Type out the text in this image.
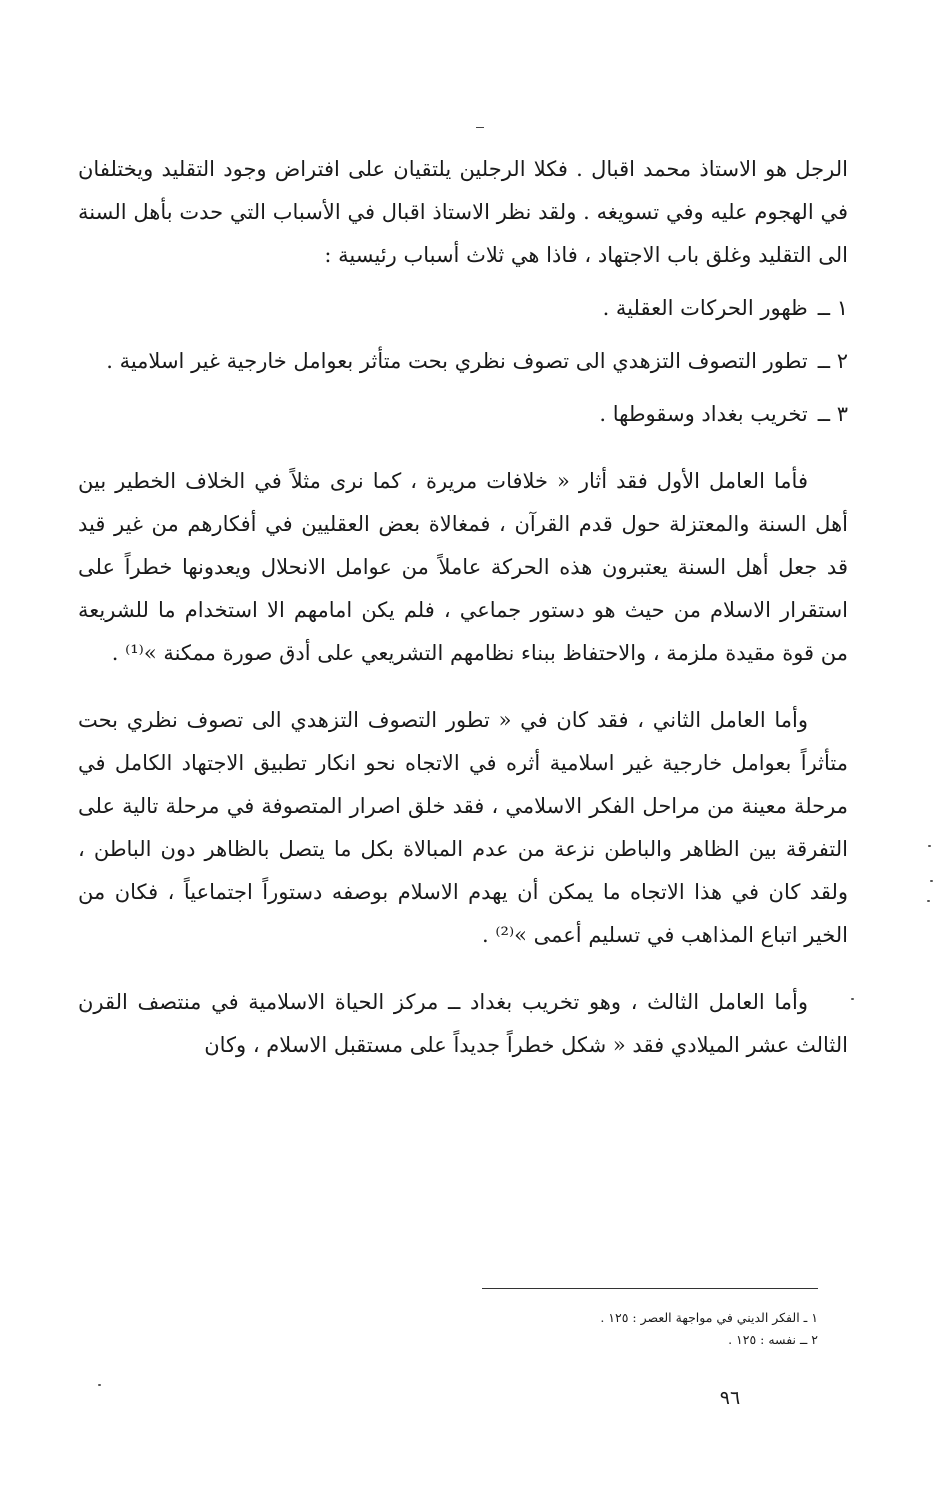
الرجل هو الاستاذ محمد اقبال . فكلا الرجلين يلتقيان على افتراض وجود التقليد ويختلفان في الهجوم عليه وفي تسويغه . ولقد نظر الاستاذ اقبال في الأسباب التي حدت بأهل السنة الى التقليد وغلق باب الاجتهاد ، فاذا هي ثلاث أسباب رئيسية :

١ ــ
ظهور الحركات العقلية .
٢ ــ
تطور التصوف التزهدي الى تصوف نظري بحت متأثر بعوامل خارجية غير اسلامية .
٣ ــ
تخريب بغداد وسقوطها .

فأما العامل الأول فقد أثار « خلافات مريرة ، كما نرى مثلاً في الخلاف الخطير بين أهل السنة والمعتزلة حول قدم القرآن ، فمغالاة بعض العقليين في أفكارهم من غير قيد قد جعل أهل السنة يعتبرون هذه الحركة عاملاً من عوامل الانحلال ويعدونها خطراً على استقرار الاسلام من حيث هو دستور جماعي ، فلم يكن امامهم الا استخدام ما للشريعة من قوة مقيدة ملزمة ، والاحتفاظ ببناء نظامهم التشريعي على أدق صورة ممكنة »⁽¹⁾ .

وأما العامل الثاني ، فقد كان في « تطور التصوف التزهدي الى تصوف نظري بحت متأثراً بعوامل خارجية غير اسلامية أثره في الاتجاه نحو انكار تطبيق الاجتهاد الكامل في مرحلة معينة من مراحل الفكر الاسلامي ، فقد خلق اصرار المتصوفة في مرحلة تالية على التفرقة بين الظاهر والباطن نزعة من عدم المبالاة بكل ما يتصل بالظاهر دون الباطن ، ولقد كان في هذا الاتجاه ما يمكن أن يهدم الاسلام بوصفه دستوراً اجتماعياً ، فكان من الخير اتباع المذاهب في تسليم أعمى »⁽²⁾ .

وأما العامل الثالث ، وهو تخريب بغداد ــ مركز الحياة الاسلامية في منتصف القرن الثالث عشر الميلادي فقد « شكل خطراً جديداً على مستقبل الاسلام ، وكان

١ ـ الفكر الديني في مواجهة العصر : ١٢٥ .

٢ ــ نفسه : ١٢٥ .

٩٦
